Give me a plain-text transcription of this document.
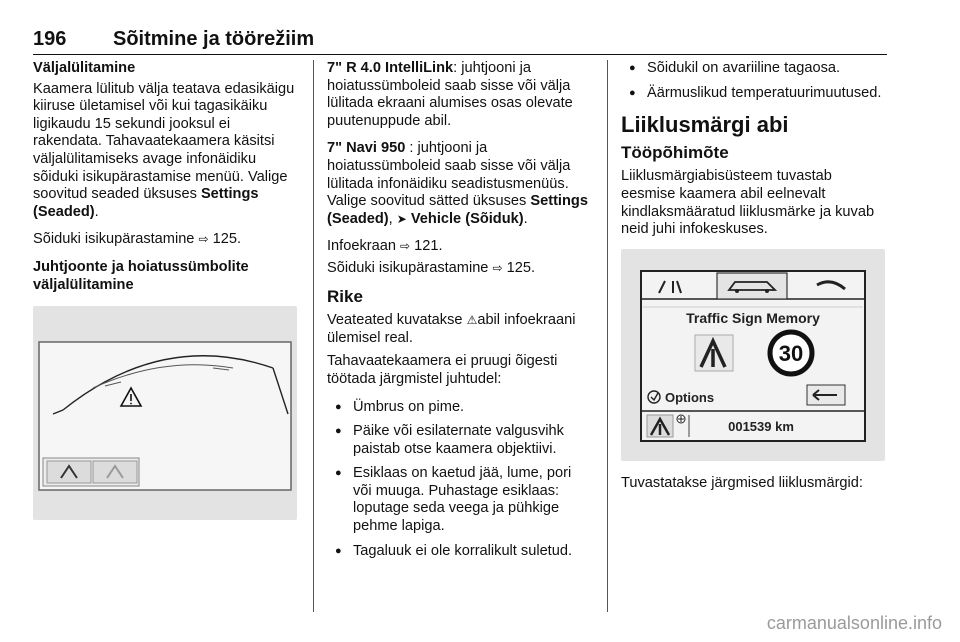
196 Sõitmine ja töörežiim
Väljalülitamine

Kaamera lülitub välja teatava edasikäigu kiiruse ületamisel või kui tagasikäiku ligikaudu 15 sekundi jooksul ei rakendata. Tahavaatekaamera käsitsi väljalülitamiseks avage infonäidiku sõiduki isikupärastamise menüü. Valige soovitud seaded üksuses Settings (Seaded).

Sõiduki isikupärastamine ⇨ 125.

Juhtjoonte ja hoiatussümbolite väljalülitamine

7" R 4.0 IntelliLink: juhtjooni ja hoiatussümboleid saab sisse või välja lülitada ekraani alumises osas olevate puutenuppude abil.

7" Navi 950 : juhtjooni ja hoiatussümboleid saab sisse või välja lülitada infonäidiku seadistusmenüüs. Valige soovitud sätted üksuses Settings (Seaded), ➤ Vehicle (Sõiduk).

Infoekraan ⇨ 121.

Sõiduki isikupärastamine ⇨ 125.

Rike

Veateated kuvatakse ⚠abil infoekraani ülemisel real.

Tahavaatekaamera ei pruugi õigesti töötada järgmistel juhtudel:

● Ümbrus on pime.
● Päike või esilaternate valgusvihk paistab otse kaamera objektiivi.
● Esiklaas on kaetud jää, lume, pori või muuga. Puhastage esiklaas: loputage seda veega ja pühkige pehme lapiga.
● Tagaluuk ei ole korralikult suletud.
● Sõidukil on avariiline tagaosa.
● Äärmuslikud temperatuurimuutused.
Liiklusmärgi abi
Tööpõhimõte

Liiklusmärgiabisüsteem tuvastab eesmise kaamera abil eelnevalt kindlaksmääratud liiklusmärke ja kuvab neid juhi infokeskuses.

Traffic Sign Memory
30
Options
001539 km

Tuvastatakse järgmised liiklusmärgid:

carmanualsonline.info
